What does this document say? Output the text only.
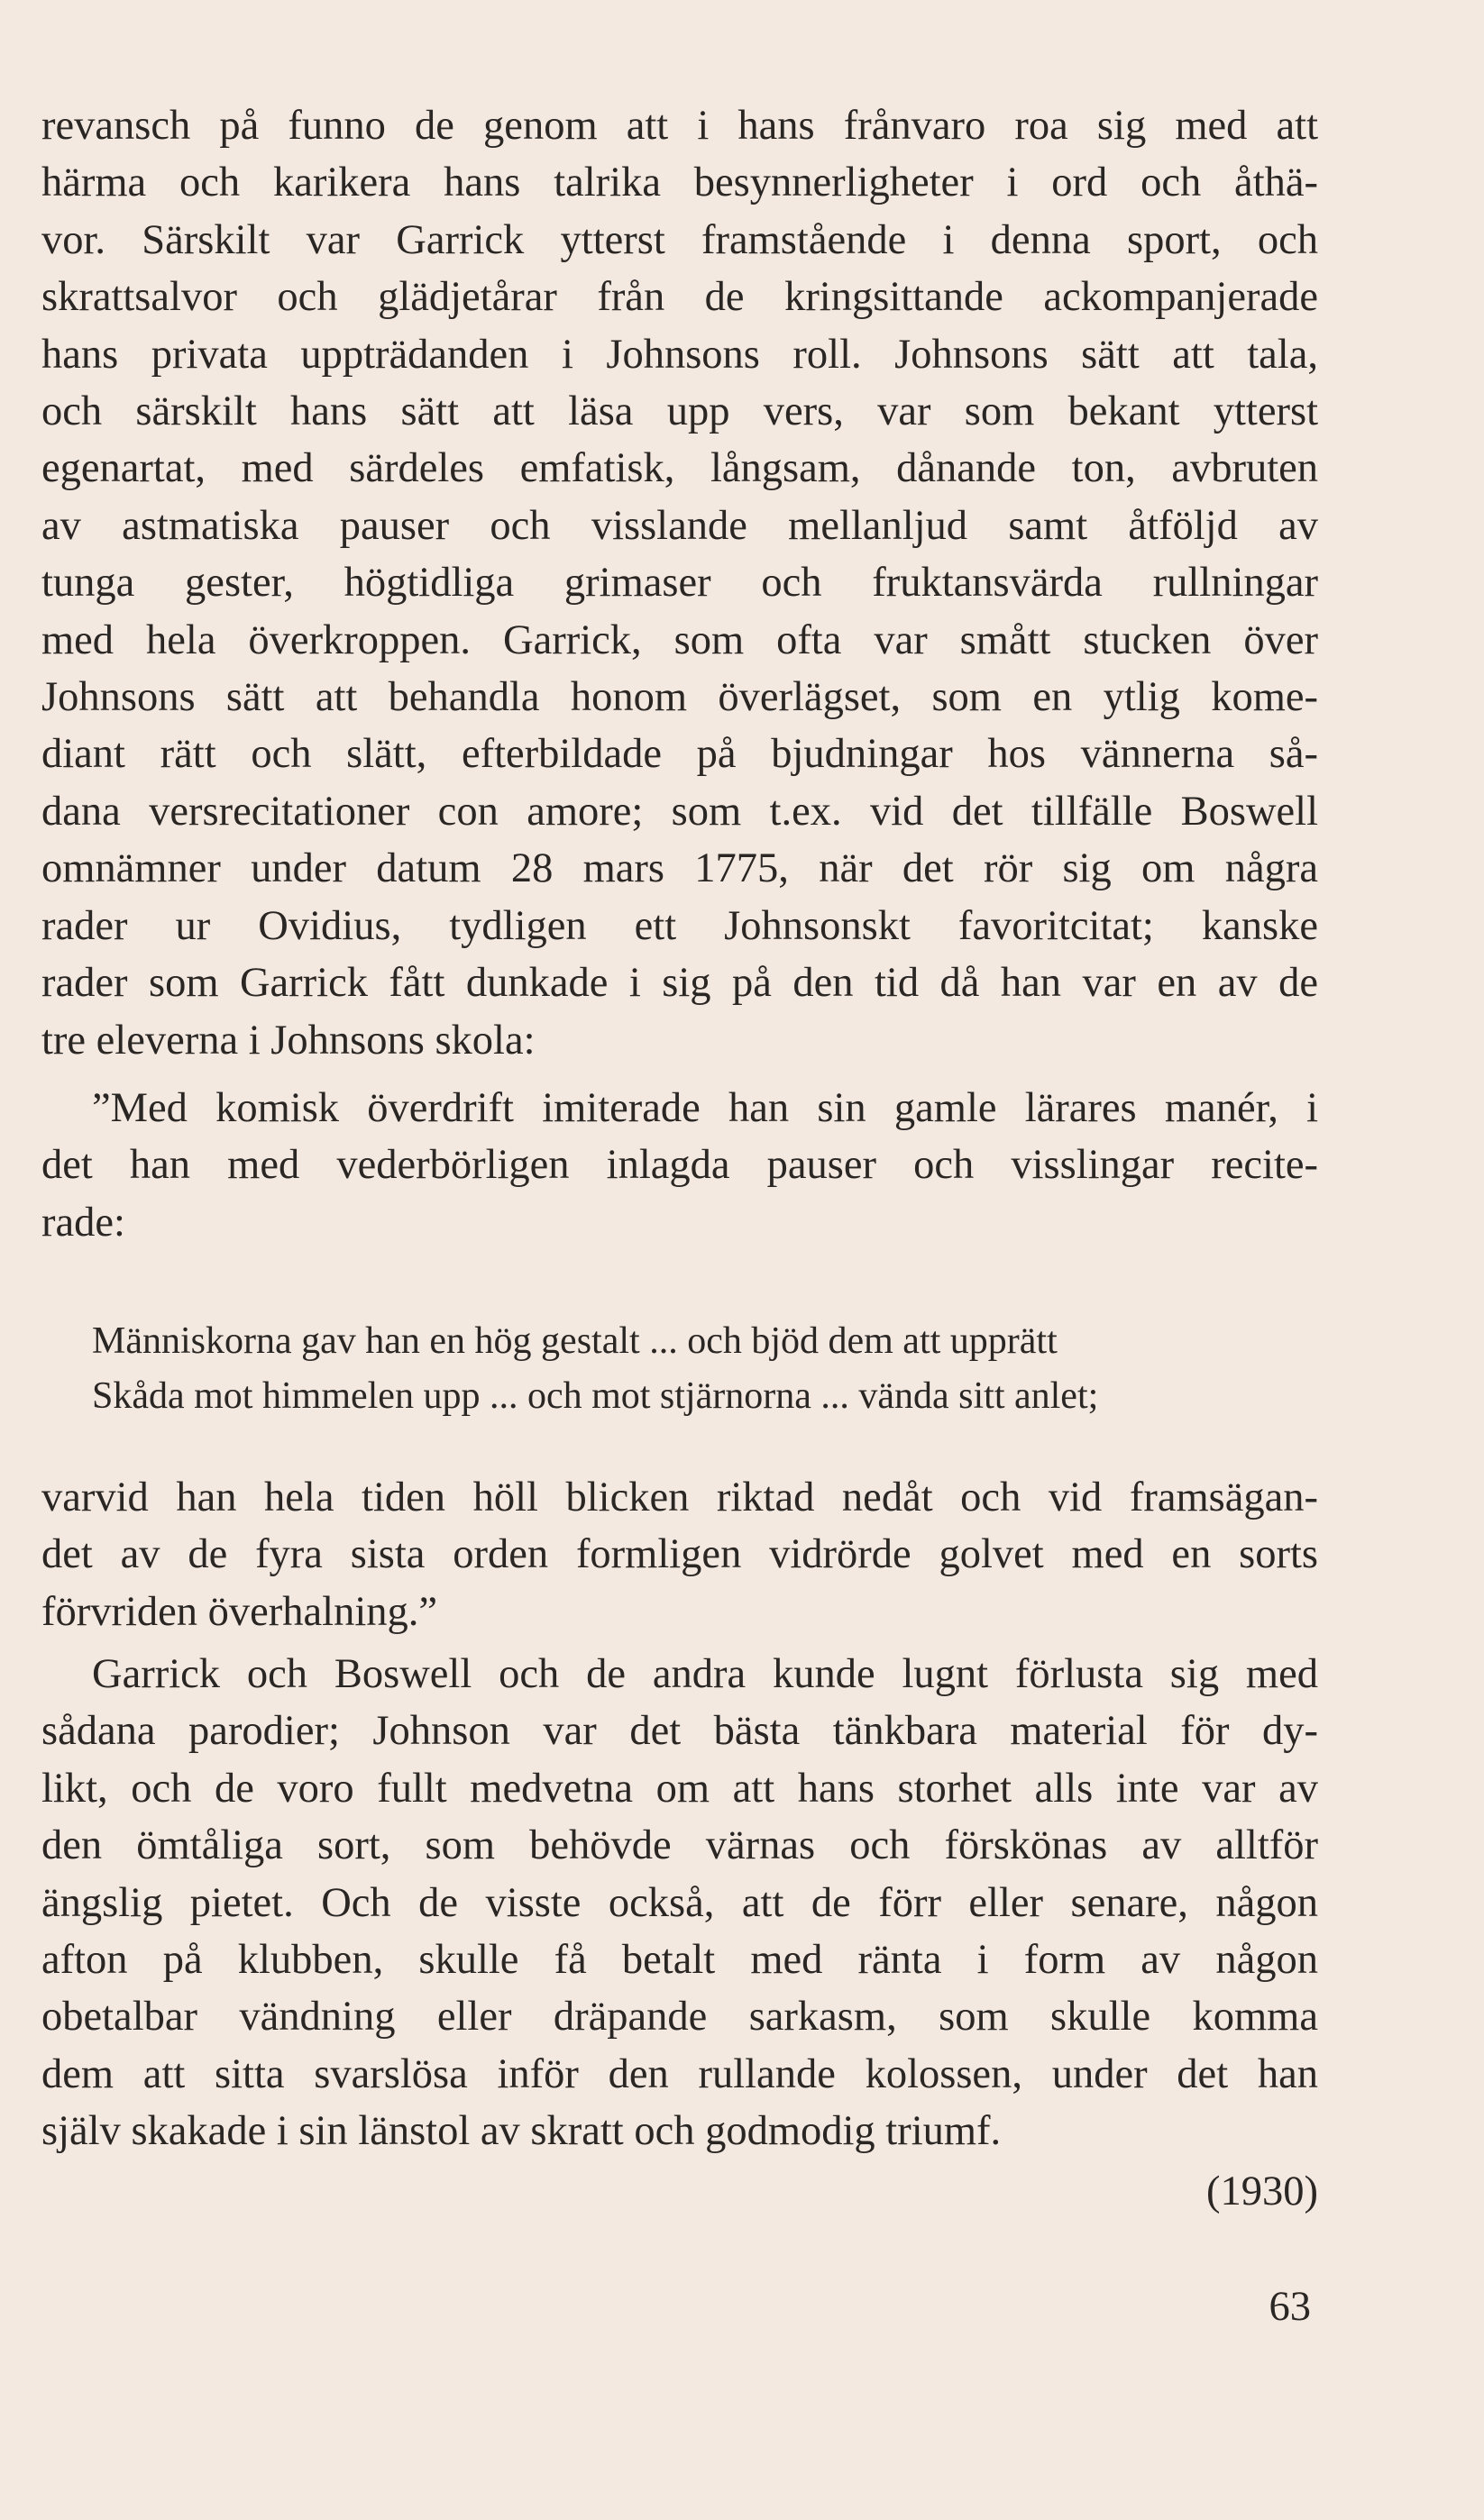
revansch på funno de genom att i hans frånvaro roa sig med att
härma och karikera hans talrika besynnerligheter i ord och åthä-
vor. Särskilt var Garrick ytterst framstående i denna sport, och
skrattsalvor och glädjetårar från de kringsittande ackompanjerade
hans privata uppträdanden i Johnsons roll. Johnsons sätt att tala,
och särskilt hans sätt att läsa upp vers, var som bekant ytterst
egenartat, med särdeles emfatisk, långsam, dånande ton, avbruten
av astmatiska pauser och visslande mellanljud samt åtföljd av
tunga gester, högtidliga grimaser och fruktansvärda rullningar
med hela överkroppen. Garrick, som ofta var smått stucken över
Johnsons sätt att behandla honom överlägset, som en ytlig kome-
diant rätt och slätt, efterbildade på bjudningar hos vännerna så-
dana versrecitationer con amore; som t.ex. vid det tillfälle Boswell
omnämner under datum 28 mars 1775, när det rör sig om några
rader ur Ovidius, tydligen ett Johnsonskt favoritcitat; kanske
rader som Garrick fått dunkade i sig på den tid då han var en av de
tre eleverna i Johnsons skola:
”Med komisk överdrift imiterade han sin gamle lärares manér, i
det han med vederbörligen inlagda pauser och visslingar recite-
rade:
Människorna gav han en hög gestalt ... och bjöd dem att upprätt
Skåda mot himmelen upp ... och mot stjärnorna ... vända sitt anlet;
varvid han hela tiden höll blicken riktad nedåt och vid framsägan-
det av de fyra sista orden formligen vidrörde golvet med en sorts
förvriden överhalning.”
Garrick och Boswell och de andra kunde lugnt förlusta sig med
sådana parodier; Johnson var det bästa tänkbara material för dy-
likt, och de voro fullt medvetna om att hans storhet alls inte var av
den ömtåliga sort, som behövde värnas och förskönas av alltför
ängslig pietet. Och de visste också, att de förr eller senare, någon
afton på klubben, skulle få betalt med ränta i form av någon
obetalbar vändning eller dräpande sarkasm, som skulle komma
dem att sitta svarslösa inför den rullande kolossen, under det han
själv skakade i sin länstol av skratt och godmodig triumf.
(1930)
63
